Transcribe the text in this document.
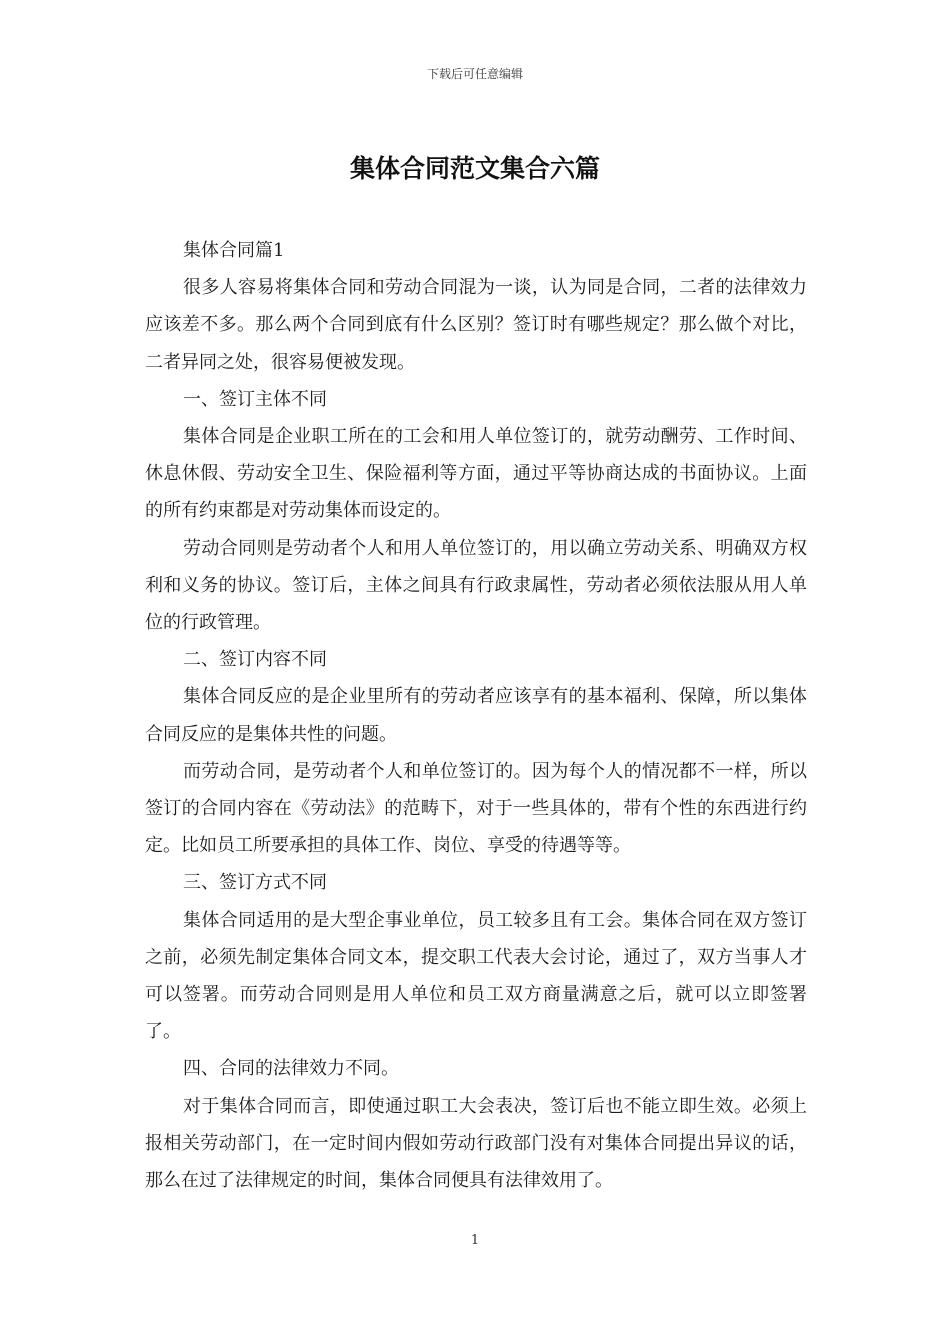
下载后可任意编辑
集体合同范文集合六篇

集体合同篇1

很多人容易将集体合同和劳动合同混为一谈，认为同是合同，二者的法律效力应该差不多。那么两个合同到底有什么区别？签订时有哪些规定？那么做个对比，二者异同之处，很容易便被发现。

一、签订主体不同

集体合同是企业职工所在的工会和用人单位签订的，就劳动酬劳、工作时间、休息休假、劳动安全卫生、保险福利等方面，通过平等协商达成的书面协议。上面的所有约束都是对劳动集体而设定的。

劳动合同则是劳动者个人和用人单位签订的，用以确立劳动关系、明确双方权利和义务的协议。签订后，主体之间具有行政隶属性，劳动者必须依法服从用人单位的行政管理。

二、签订内容不同

集体合同反应的是企业里所有的劳动者应该享有的基本福利、保障，所以集体合同反应的是集体共性的问题。

而劳动合同，是劳动者个人和单位签订的。因为每个人的情况都不一样，所以签订的合同内容在《劳动法》的范畴下，对于一些具体的，带有个性的东西进行约定。比如员工所要承担的具体工作、岗位、享受的待遇等等。

三、签订方式不同

集体合同适用的是大型企事业单位，员工较多且有工会。集体合同在双方签订之前，必须先制定集体合同文本，提交职工代表大会讨论，通过了，双方当事人才可以签署。而劳动合同则是用人单位和员工双方商量满意之后，就可以立即签署了。

四、合同的法律效力不同。

对于集体合同而言，即使通过职工大会表决，签订后也不能立即生效。必须上报相关劳动部门，在一定时间内假如劳动行政部门没有对集体合同提出异议的话，那么在过了法律规定的时间，集体合同便具有法律效用了。

1
